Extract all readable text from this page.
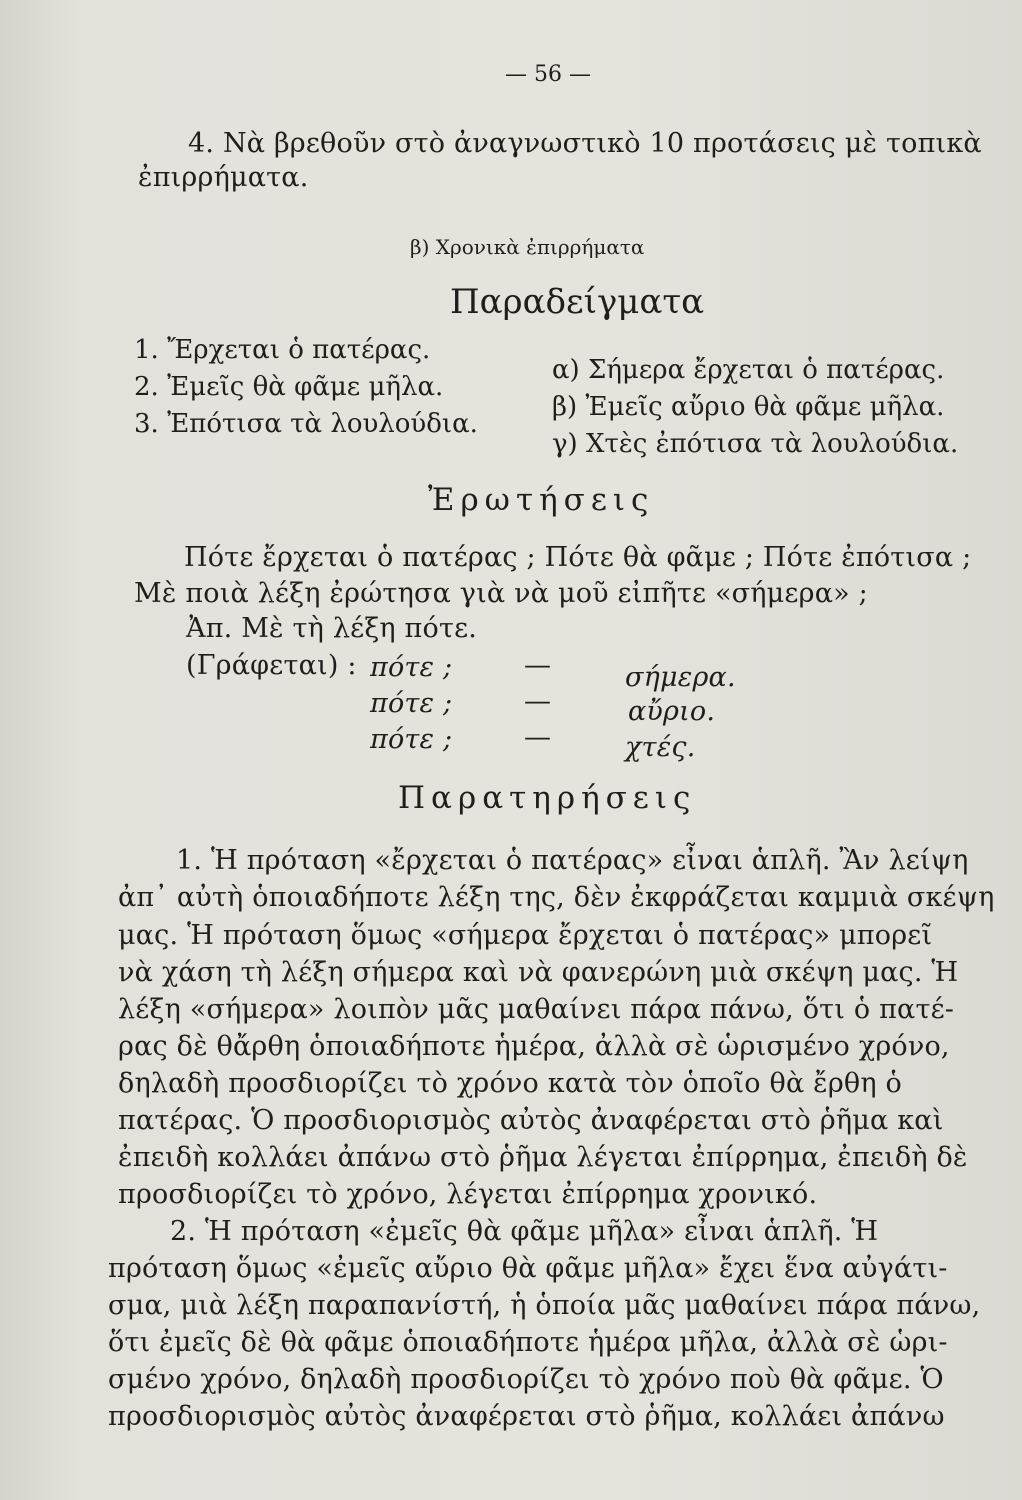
— 56 —
4. Νὰ βρεθοῦν στὸ ἀναγνωστικὸ 10 προτάσεις μὲ τοπικὰ
ἐπιρρήματα.
β) Χρονικὰ ἐπιρρήματα
Παραδείγματα
1. Ἔρχεται ὁ πατέρας.
2. Ἐμεῖς θὰ φᾶμε μῆλα.
3. Ἐπότισα τὰ λουλούδια.
α) Σήμερα ἔρχεται ὁ πατέρας.
β) Ἐμεῖς αὔριο θὰ φᾶμε μῆλα.
γ) Χτὲς ἐπότισα τὰ λουλούδια.
Ἐρωτήσεις
Πότε ἔρχεται ὁ πατέρας ; Πότε θὰ φᾶμε ; Πότε ἐπότισα ;
Μὲ ποιὰ λέξη ἐρώτησα γιὰ νὰ μοῦ εἰπῆτε «σήμερα» ;
Ἀπ. Μὲ τὴ λέξη πότε.
(Γράφεται) : πότε ;	—	σήμερα.
πότε ;	—	αὔριο.
πότε ;	—	χτές.
Παρατηρήσεις
1. Ἡ πρόταση «ἔρχεται ὁ πατέρας» εἶναι ἁπλῆ. Ἂν λείψη
ἀπ᾽ αὐτὴ ὁποιαδήποτε λέξη της, δὲν ἐκφράζεται καμμιὰ σκέψη
μας. Ἡ πρόταση ὅμως «σήμερα ἔρχεται ὁ πατέρας» μπορεῖ
νὰ χάση τὴ λέξη σήμερα καὶ νὰ φανερώνη μιὰ σκέψη μας. Ἡ
λέξη «σήμερα» λοιπὸν μᾶς μαθαίνει πάρα πάνω, ὅτι ὁ πατέ-
ρας δὲ θἄρθη ὁποιαδήποτε ἡμέρα, ἀλλὰ σὲ ὡρισμένο χρόνο,
δηλαδὴ προσδιορίζει τὸ χρόνο κατὰ τὸν ὁποῖο θὰ ἔρθη ὁ
πατέρας. Ὁ προσδιορισμὸς αὐτὸς ἀναφέρεται στὸ ῥῆμα καὶ
ἐπειδὴ κολλάει ἀπάνω στὸ ῥῆμα λέγεται ἐπίρρημα, ἐπειδὴ δὲ
προσδιορίζει τὸ χρόνο, λέγεται ἐπίρρημα χρονικό.
2. Ἡ πρόταση «ἐμεῖς θὰ φᾶμε μῆλα» εἶναι ἁπλῆ. Ἡ
πρόταση ὅμως «ἐμεῖς αὔριο θὰ φᾶμε μῆλα» ἔχει ἕνα αὐγάτι-
σμα, μιὰ λέξη παραπανίστή, ἡ ὁποία μᾶς μαθαίνει πάρα πάνω,
ὅτι ἐμεῖς δὲ θὰ φᾶμε ὁποιαδήποτε ἡμέρα μῆλα, ἀλλὰ σὲ ὡρι-
σμένο χρόνο, δηλαδὴ προσδιορίζει τὸ χρόνο ποὺ θὰ φᾶμε. Ὁ
προσδιορισμὸς αὐτὸς ἀναφέρεται στὸ ῥῆμα, κολλάει ἀπάνω
